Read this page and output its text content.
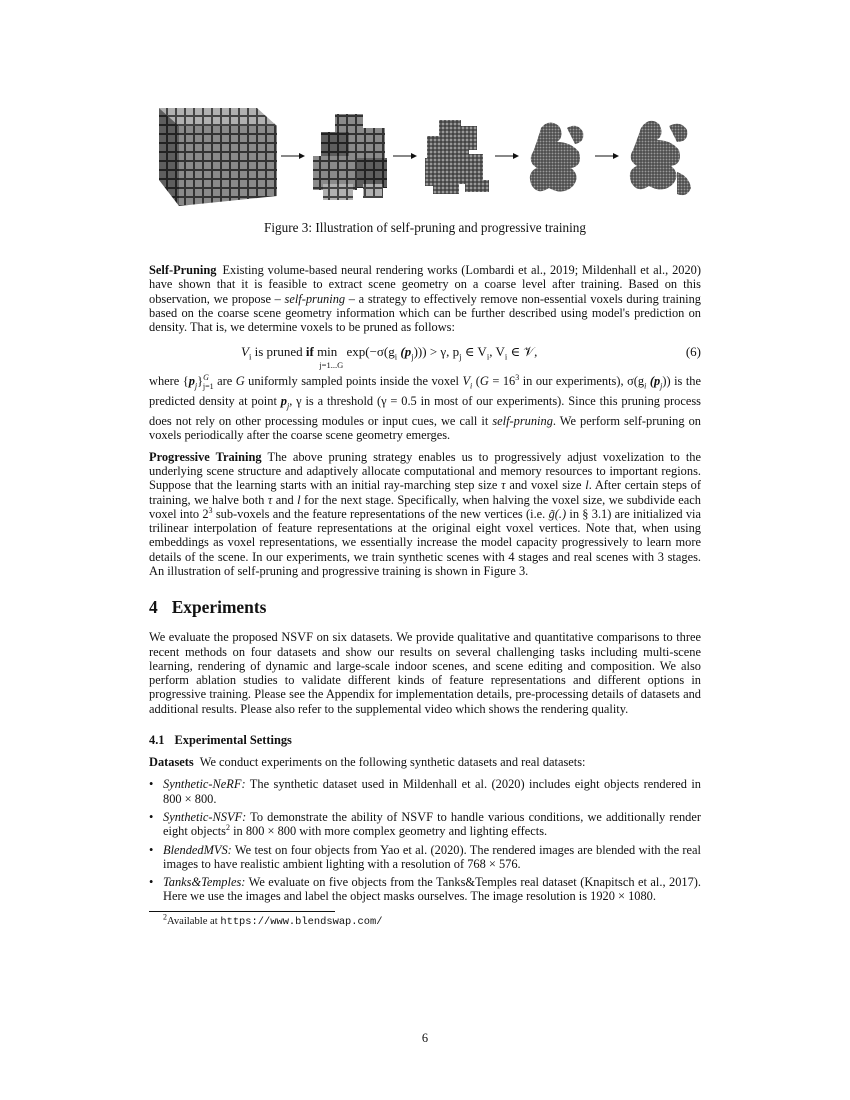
Figure 3: Illustration of self-pruning and progressive training

Self-Pruning Existing volume-based neural rendering works (Lombardi et al., 2019; Mildenhall et al., 2020) have shown that it is feasible to extract scene geometry on a coarse level after training. Based on this observation, we propose – self-pruning – a strategy to effectively remove non-essential voxels during training based on the coarse scene geometry information which can be further described using model's prediction on density. That is, we determine voxels to be pruned as follows:

$V_i$ is pruned if $\min_{j=1...G} \exp(-\sigma(g_i$ $(p_j))) > \gamma$, $p_j$ ∈ $V_i$, $V_i$ ∈ 𝒱,	(6)

where $\{p_j\}^G_{j=1}$ are G uniformly sampled points inside the voxel $V_i$ ($G = 16^3$ in our experiments), $\sigma(g_i$ $(p_j)$) is the predicted density at point $p_j$, γ is a threshold (γ = 0.5 in most of our experiments). Since this pruning process does not rely on other processing modules or input cues, we call it self-pruning. We perform self-pruning on voxels periodically after the coarse scene geometry emerges.

Progressive Training The above pruning strategy enables us to progressively adjust voxelization to the underlying scene structure and adaptively allocate computational and memory resources to important regions. Suppose that the learning starts with an initial ray-marching step size τ and voxel size l. After certain steps of training, we halve both τ and l for the next stage. Specifically, when halving the voxel size, we subdivide each voxel into $2^3$ sub-voxels and the feature representations of the new vertices (i.e. g̃(.) in § 3.1) are initialized via trilinear interpolation of feature representations at the original eight voxel vertices. Note that, when using embeddings as voxel representations, we essentially increase the model capacity progressively to learn more details of the scene. In our experiments, we train synthetic scenes with 4 stages and real scenes with 3 stages. An illustration of self-pruning and progressive training is shown in Figure 3.

4 Experiments

We evaluate the proposed NSVF on six datasets. We provide qualitative and quantitative comparisons to three recent methods on four datasets and show our results on several challenging tasks including multi-scene learning, rendering of dynamic and large-scale indoor scenes, and scene editing and composition. We also perform ablation studies to validate different kinds of feature representations and different options in progressive training. Please see the Appendix for implementation details, pre-processing details of datasets and additional results. Please also refer to the supplemental video which shows the rendering quality.

4.1 Experimental Settings

Datasets We conduct experiments on the following synthetic datasets and real datasets:

• Synthetic-NeRF: The synthetic dataset used in Mildenhall et al. (2020) includes eight objects rendered in 800 × 800.
• Synthetic-NSVF: To demonstrate the ability of NSVF to handle various conditions, we additionally render eight objects$^2$ in 800 × 800 with more complex geometry and lighting effects.
• BlendedMVS: We test on four objects from Yao et al. (2020). The rendered images are blended with the real images to have realistic ambient lighting with a resolution of 768 × 576.
• Tanks&Temples: We evaluate on five objects from the Tanks&Temples real dataset (Knapitsch et al., 2017). Here we use the images and label the object masks ourselves. The image resolution is 1920 × 1080.
$^2$Available at https://www.blendswap.com/
6
